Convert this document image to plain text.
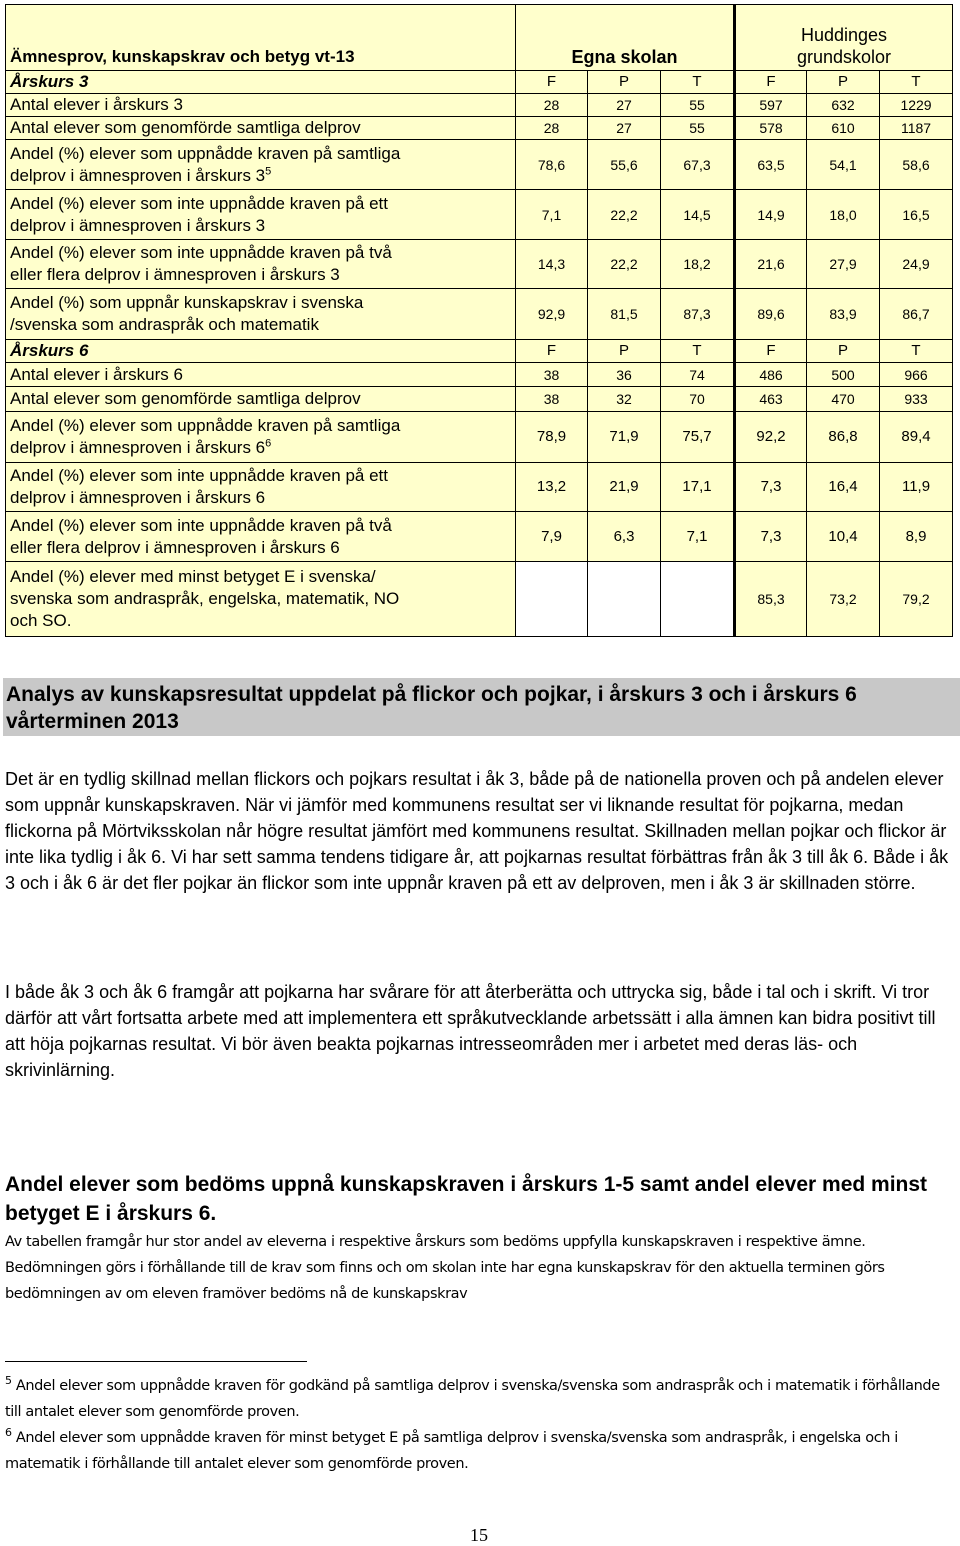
Ämnesprov, kunskapskrav och betyg vt-13	Egna skolan			Huddinges
grundskolor		

Årskurs 3	F	P	T	F	P	T
Antal elever i årskurs 3	28	27	55	597	632	1229
Antal elever som genomförde samtliga delprov	28	27	55	578	610	1187

Andel (%) elever som uppnådde kraven på samtliga
delprov i ämnesproven i årskurs $3^5$	78,6	55,6	67,3	63,5	54,1	58,6

Andel (%) elever som inte uppnådde kraven på ett
delprov i ämnesproven i årskurs 3	7,1	22,2	14,5	14,9	18,0	16,5

Andel (%) elever som inte uppnådde kraven på två
eller flera delprov i ämnesproven i årskurs 3	14,3	22,2	18,2	21,6	27,9	24,9

Andel (%) som uppnår kunskapskrav i svenska
/svenska som andraspråk och matematik	92,9	81,5	87,3	89,6	83,9	86,7
Årskurs 6	F	P	T	F	P	T
Antal elever i årskurs 6	38	36	74	486	500	966
Antal elever som genomförde samtliga delprov	38	32	70	463	470	933

Andel (%) elever som uppnådde kraven på samtliga
delprov i ämnesproven i årskurs $6^6$	78,9	71,9	75,7	92,2	86,8	89,4

Andel (%) elever som inte uppnådde kraven på ett
delprov i ämnesproven i årskurs 6	13,2	21,9	17,1	7,3	16,4	11,9

Andel (%) elever som inte uppnådde kraven på två
eller flera delprov i ämnesproven i årskurs 6	7,9	6,3	7,1	7,3	10,4	8,9

Andel (%) elever med minst betyget E i svenska/
svenska som andraspråk, engelska, matematik, NO
och SO.				85,3	73,2	79,2
Analys av kunskapsresultat uppdelat på flickor och pojkar, i årskurs 3 och i årskurs 6 vårterminen 2013
Det är en tydlig skillnad mellan flickors och pojkars resultat i åk 3, både på de nationella proven och på andelen elever som uppnår kunskapskraven. När vi jämför med kommunens resultat ser vi liknande resultat för pojkarna, medan flickorna på Mörtviksskolan når högre resultat jämfört med kommunens resultat. Skillnaden mellan pojkar och flickor är inte lika tydlig i åk 6. Vi har sett samma tendens tidigare år, att pojkarnas resultat förbättras från åk 3 till åk 6. Både i åk 3 och i åk 6 är det fler pojkar än flickor som inte uppnår kraven på ett av delproven, men i åk 3 är skillnaden större.
I både åk 3 och åk 6 framgår att pojkarna har svårare för att återberätta och uttrycka sig, både i tal och i skrift. Vi tror därför att vårt fortsatta arbete med att implementera ett språkutvecklande arbetssätt i alla ämnen kan bidra positivt till att höja pojkarnas resultat. Vi bör även beakta pojkarnas intresseområden mer i arbetet med deras läs- och skrivinlärning.
Andel elever som bedöms uppnå kunskapskraven i årskurs 1-5 samt andel elever med minst betyget E i årskurs 6.
Av tabellen framgår hur stor andel av eleverna i respektive årskurs som bedöms uppfylla kunskapskraven i respektive ämne. Bedömningen görs i förhållande till de krav som finns och om skolan inte har egna kunskapskrav för den aktuella terminen görs bedömningen av om eleven framöver bedöms nå de kunskapskrav
$^5$ Andel elever som uppnådde kraven för godkänd på samtliga delprov i svenska/svenska som andraspråk och i matematik i förhållande till antalet elever som genomförde proven.
$^6$ Andel elever som uppnådde kraven för minst betyget E på samtliga delprov i svenska/svenska som andraspråk, i engelska och i matematik i förhållande till antalet elever som genomförde proven.
15
